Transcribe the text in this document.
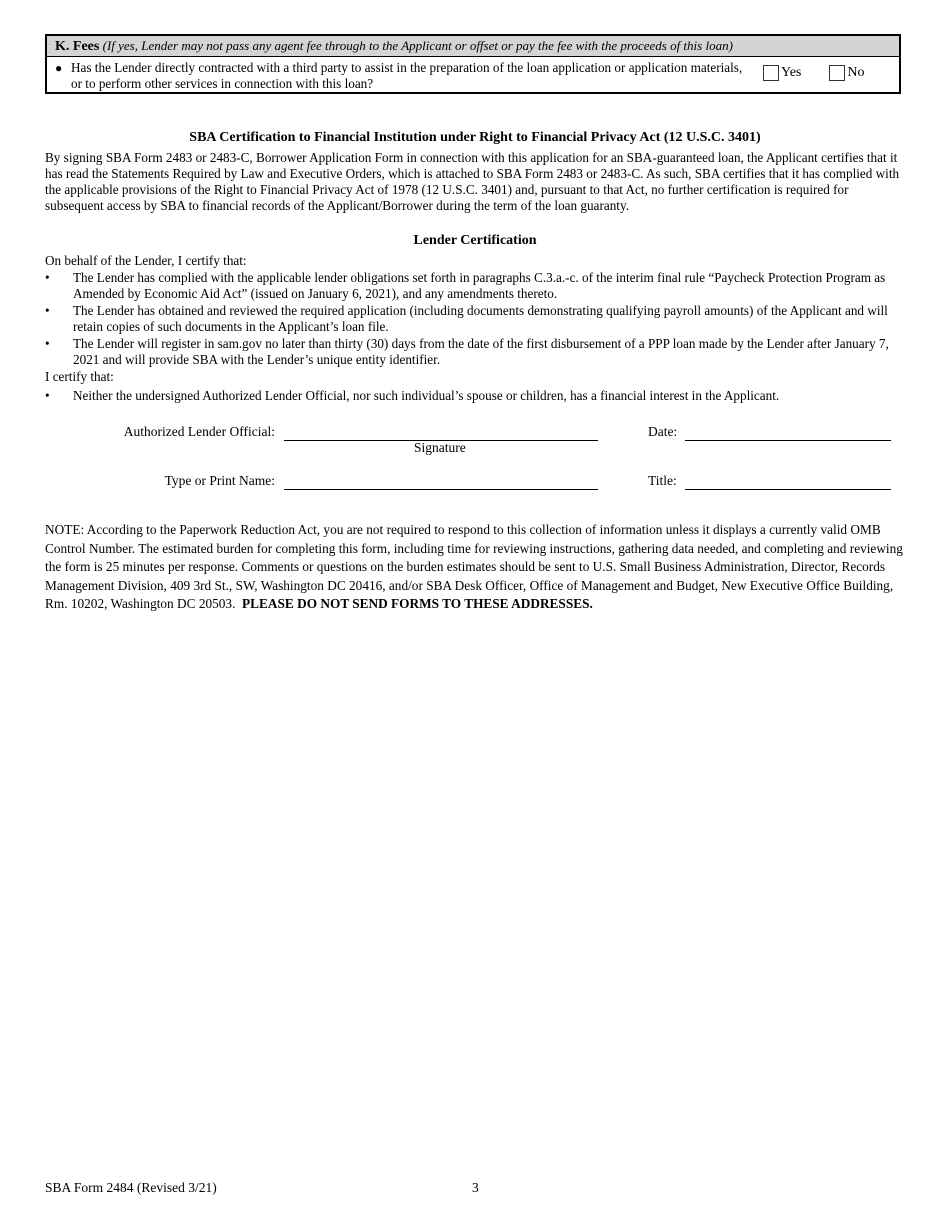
K. Fees (If yes, Lender may not pass any agent fee through to the Applicant or offset or pay the fee with the proceeds of this loan)
● Has the Lender directly contracted with a third party to assist in the preparation of the loan application or application materials, or to perform other services in connection with this loan?
Yes	No
SBA Certification to Financial Institution under Right to Financial Privacy Act (12 U.S.C. 3401)
By signing SBA Form 2483 or 2483-C, Borrower Application Form in connection with this application for an SBA-guaranteed loan, the Applicant certifies that it has read the Statements Required by Law and Executive Orders, which is attached to SBA Form 2483 or 2483-C. As such, SBA certifies that it has complied with the applicable provisions of the Right to Financial Privacy Act of 1978 (12 U.S.C. 3401) and, pursuant to that Act, no further certification is required for subsequent access by SBA to financial records of the Applicant/Borrower during the term of the loan guaranty.
Lender Certification
On behalf of the Lender, I certify that:
•	The Lender has complied with the applicable lender obligations set forth in paragraphs C.3.a.-c. of the interim final rule “Paycheck Protection Program as Amended by Economic Aid Act” (issued on January 6, 2021), and any amendments thereto.
•	The Lender has obtained and reviewed the required application (including documents demonstrating qualifying payroll amounts) of the Applicant and will retain copies of such documents in the Applicant’s loan file.
•	The Lender will register in sam.gov no later than thirty (30) days from the date of the first disbursement of a PPP loan made by the Lender after January 7, 2021 and will provide SBA with the Lender’s unique entity identifier.
I certify that:
•	Neither the undersigned Authorized Lender Official, nor such individual’s spouse or children, has a financial interest in the Applicant.
Authorized Lender Official:	Date:
Signature
Type or Print Name:	Title:
NOTE: According to the Paperwork Reduction Act, you are not required to respond to this collection of information unless it displays a currently valid OMB Control Number. The estimated burden for completing this form, including time for reviewing instructions, gathering data needed, and completing and reviewing the form is 25 minutes per response. Comments or questions on the burden estimates should be sent to U.S. Small Business Administration, Director, Records Management Division, 409 3rd St., SW, Washington DC 20416, and/or SBA Desk Officer, Office of Management and Budget, New Executive Office Building, Rm. 10202, Washington DC 20503. PLEASE DO NOT SEND FORMS TO THESE ADDRESSES.
SBA Form 2484 (Revised 3/21)	3
